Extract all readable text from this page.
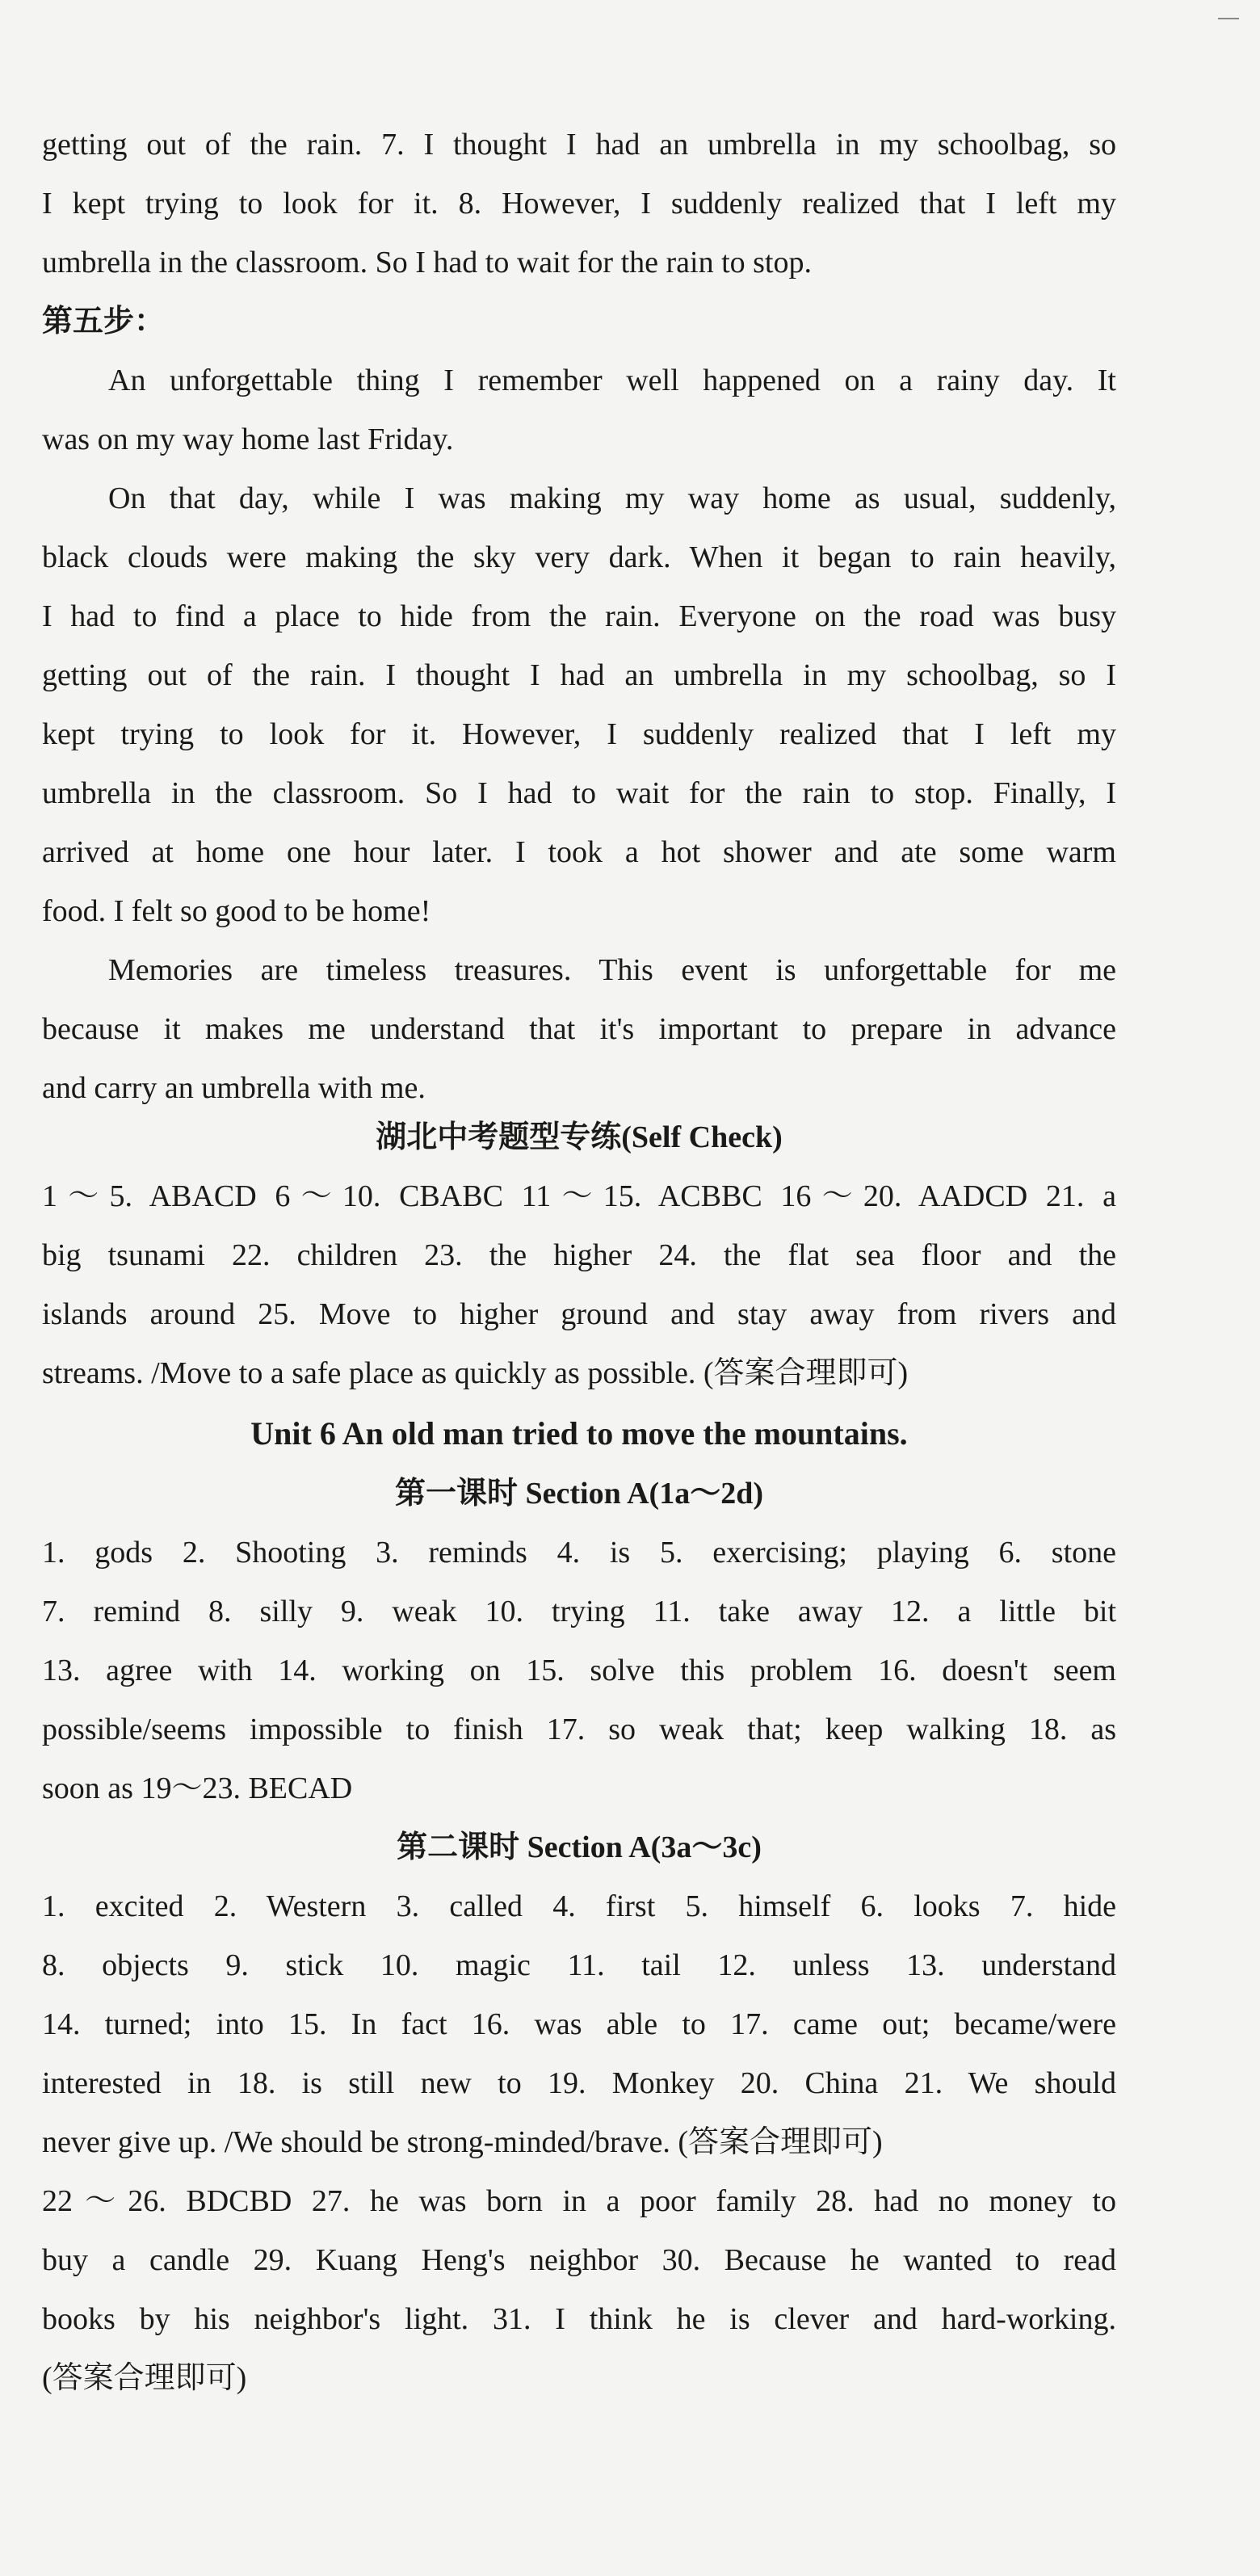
getting out of the rain. 7. I thought I had an umbrella in my schoolbag, so
I kept trying to look for it. 8. However, I suddenly realized that I left my
umbrella in the classroom. So I had to wait for the rain to stop.
第五步：
An unforgettable thing I remember well happened on a rainy day. It
was on my way home last Friday.
On that day, while I was making my way home as usual, suddenly,
black clouds were making the sky very dark. When it began to rain heavily,
I had to find a place to hide from the rain. Everyone on the road was busy
getting out of the rain. I thought I had an umbrella in my schoolbag, so I
kept trying to look for it. However, I suddenly realized that I left my
umbrella in the classroom. So I had to wait for the rain to stop. Finally, I
arrived at home one hour later. I took a hot shower and ate some warm
food. I felt so good to be home!
Memories are timeless treasures. This event is unforgettable for me
because it makes me understand that it's important to prepare in advance
and carry an umbrella with me.
湖北中考题型专练(Self Check)
1～5. ABACD 6～10. CBABC 11～15. ACBBC 16～20. AADCD 21. a
big tsunami 22. children 23. the higher 24. the flat sea floor and the
islands around 25. Move to higher ground and stay away from rivers and
streams. /Move to a safe place as quickly as possible. (答案合理即可)
Unit 6 An old man tried to move the mountains.
第一课时 Section A(1a～2d)
1. gods 2. Shooting 3. reminds 4. is 5. exercising; playing 6. stone
7. remind 8. silly 9. weak 10. trying 11. take away 12. a little bit
13. agree with 14. working on 15. solve this problem 16. doesn't seem
possible/seems impossible to finish 17. so weak that; keep walking 18. as
soon as 19～23. BECAD
第二课时 Section A(3a～3c)
1. excited 2. Western 3. called 4. first 5. himself 6. looks 7. hide
8. objects 9. stick 10. magic 11. tail 12. unless 13. understand
14. turned; into 15. In fact 16. was able to 17. came out; became/were
interested in 18. is still new to 19. Monkey 20. China 21. We should
never give up. /We should be strong-minded/brave. (答案合理即可)
22～26. BDCBD 27. he was born in a poor family 28. had no money to
buy a candle 29. Kuang Heng's neighbor 30. Because he wanted to read
books by his neighbor's light. 31. I think he is clever and hard-working.
(答案合理即可)
